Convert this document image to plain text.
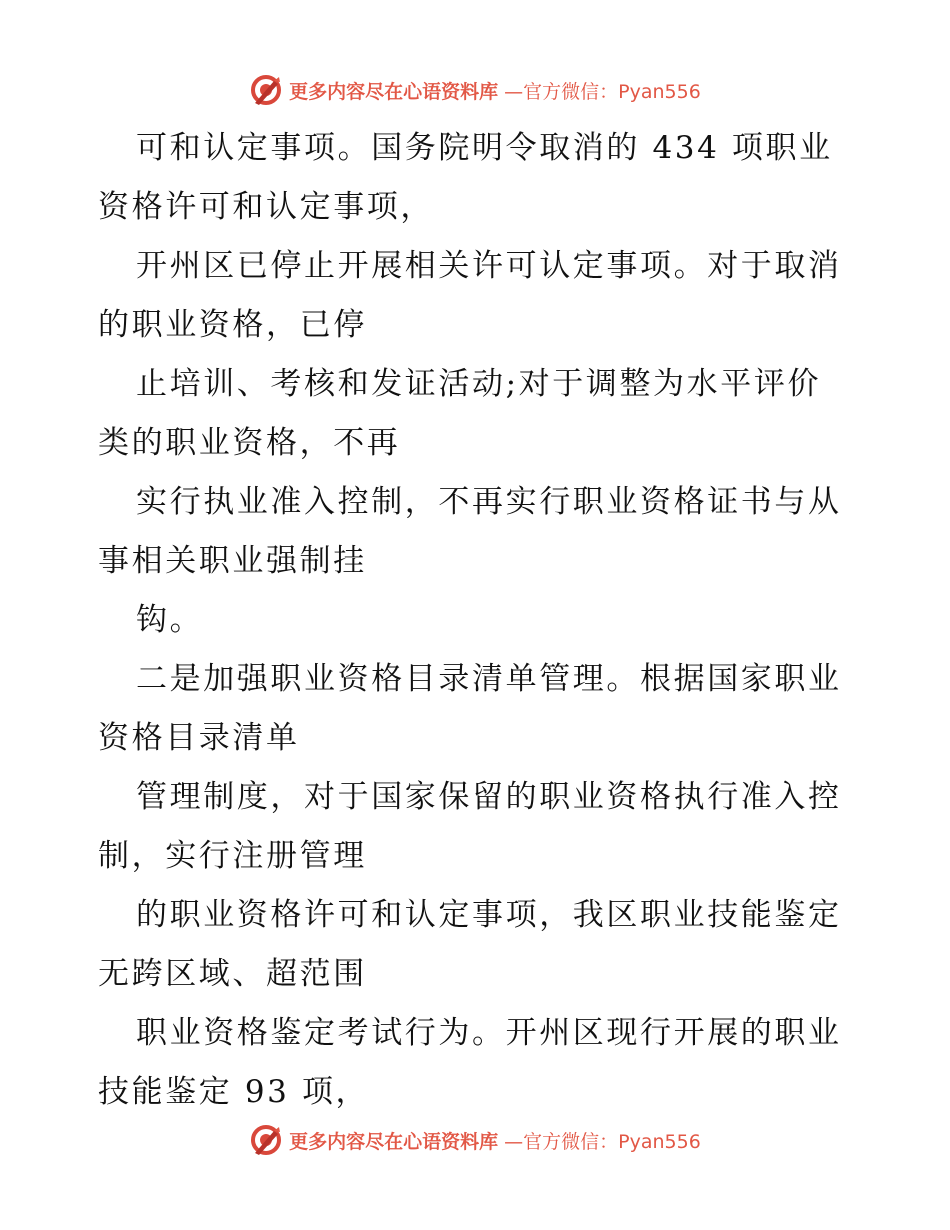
更多内容尽在心语资料库 —官方微信：Pyan556
可和认定事项。国务院明令取消的 434 项职业
资格许可和认定事项，
开州区已停止开展相关许可认定事项。对于取消
的职业资格，已停
止培训、考核和发证活动;对于调整为水平评价
类的职业资格，不再
实行执业准入控制，不再实行职业资格证书与从
事相关职业强制挂
钩。
二是加强职业资格目录清单管理。根据国家职业
资格目录清单
管理制度，对于国家保留的职业资格执行准入控
制，实行注册管理
的职业资格许可和认定事项，我区职业技能鉴定
无跨区域、超范围
职业资格鉴定考试行为。开州区现行开展的职业
技能鉴定 93 项，
更多内容尽在心语资料库 —官方微信：Pyan556
